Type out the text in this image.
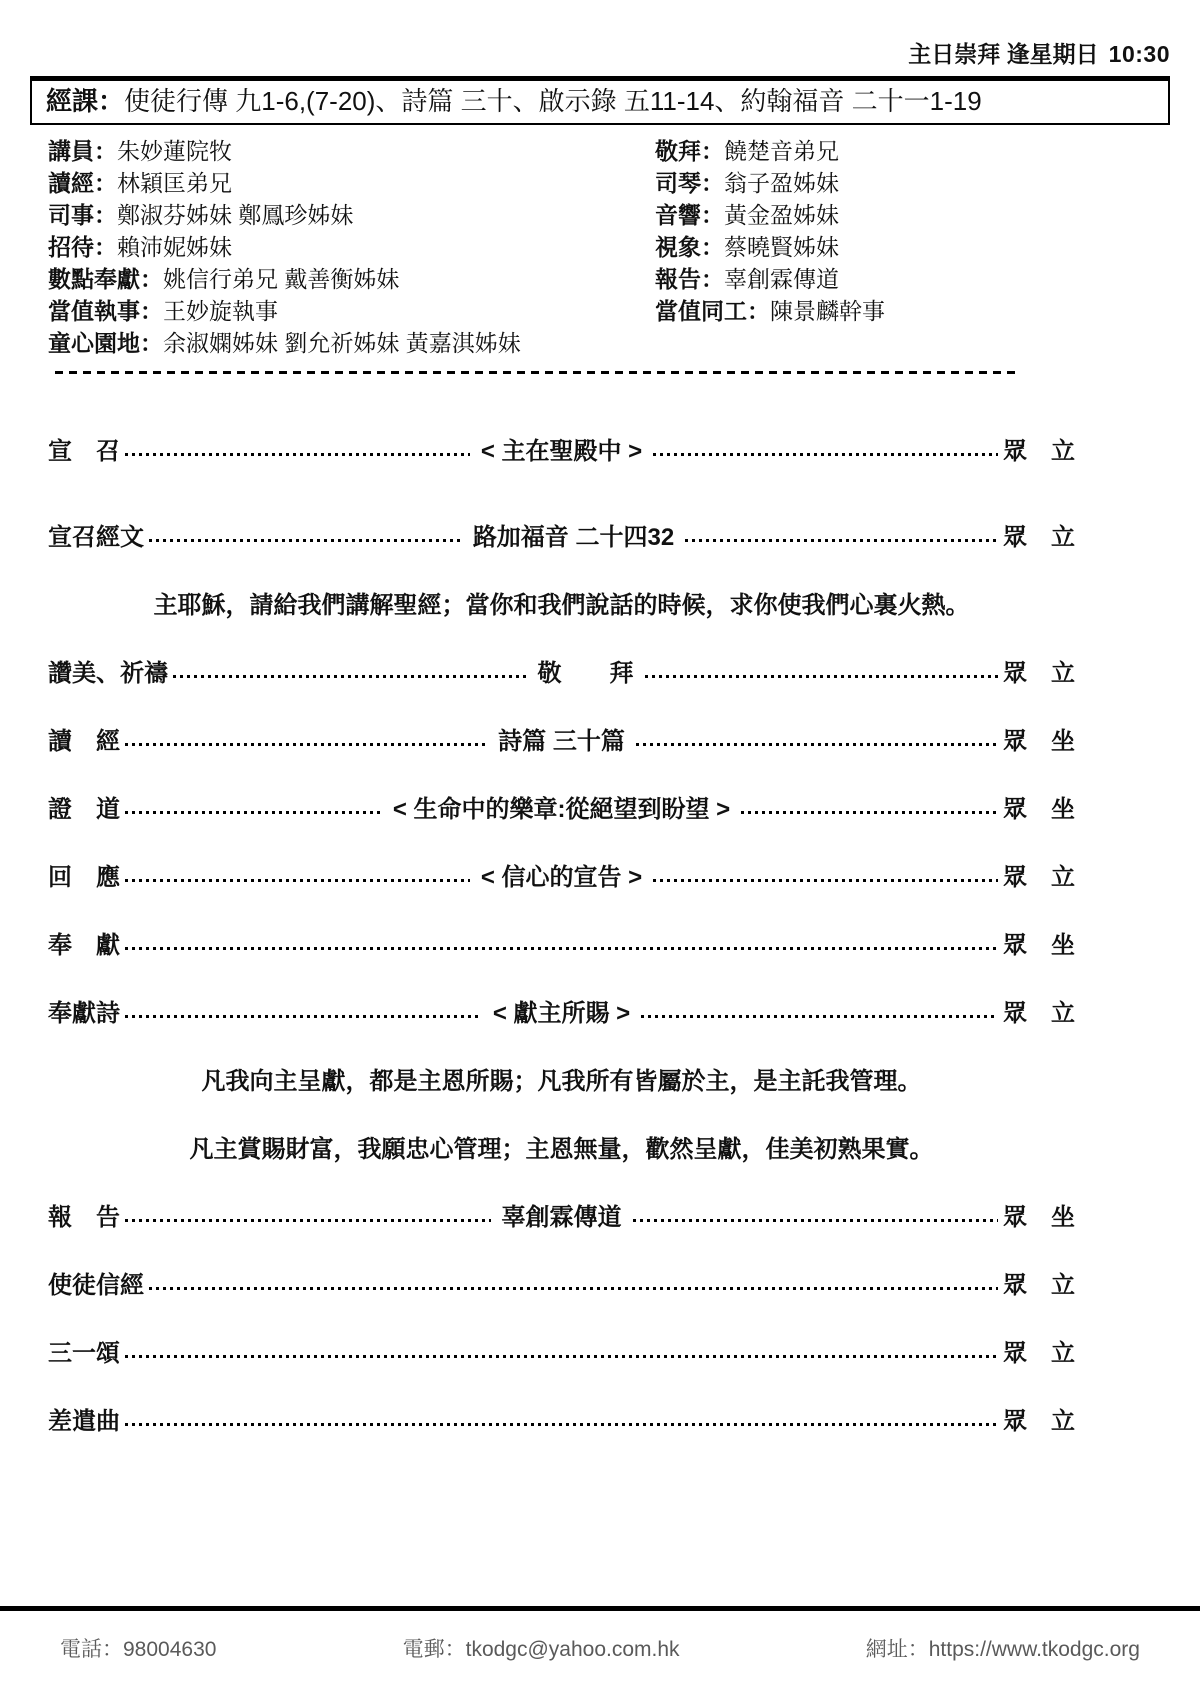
主日崇拜 逢星期日 10:30
經課：使徒行傳 九1-6,(7-20)、詩篇 三十、啟示錄 五11-14、約翰福音 二十一1-19
講員：朱妙蓮院牧	敬拜：饒楚音弟兄
讀經：林穎匡弟兄	司琴：翁子盈姊妹
司事：鄭淑芬姊妹 鄭鳳珍姊妹	音響：黃金盈姊妹
招待：賴沛妮姊妹	視象：蔡曉賢姊妹
數點奉獻：姚信行弟兄 戴善衡姊妹	報告：辜創霖傳道
當值執事：王妙旋執事	當值同工：陳景麟幹事
童心園地：余淑嫻姊妹 劉允祈姊妹 黃嘉淇姊妹
宣　召	< 主在聖殿中 >	眾　立
宣召經文	路加福音 二十四32	眾　立
主耶穌，請給我們講解聖經；當你和我們說話的時候，求你使我們心裏火熱。
讚美、祈禱	敬　　拜	眾　立
讀　經	詩篇 三十篇	眾　坐
證　道	< 生命中的樂章:從絕望到盼望 >	眾　坐
回　應	< 信心的宣告 >	眾　立
奉　獻	眾　坐
奉獻詩	< 獻主所賜 >	眾　立
凡我向主呈獻，都是主恩所賜；凡我所有皆屬於主，是主託我管理。
凡主賞賜財富，我願忠心管理；主恩無量，歡然呈獻，佳美初熟果實。
報　告	辜創霖傳道	眾　坐
使徒信經	眾　立
三一頌	眾　立
差遣曲	眾　立
電話：98004630	電郵：tkodgc@yahoo.com.hk	網址：https://www.tkodgc.org
